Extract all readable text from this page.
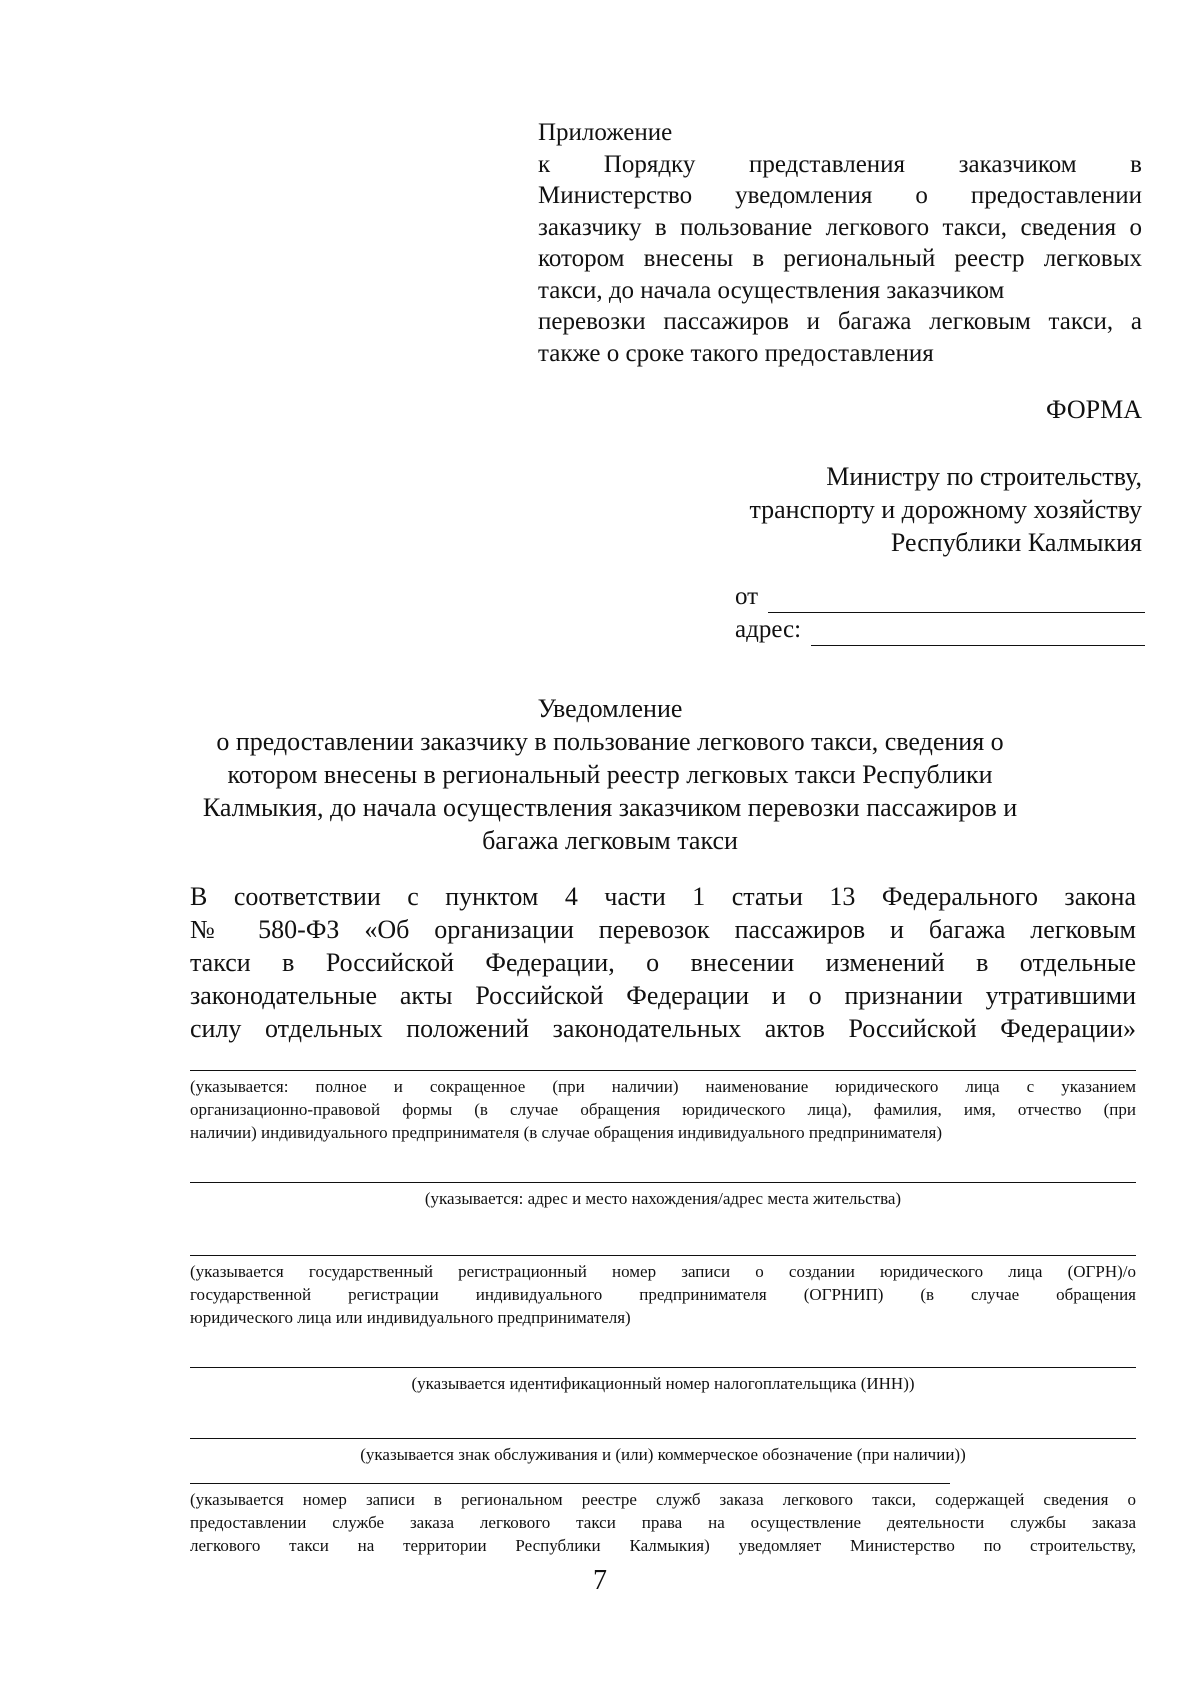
Приложение
к Порядку представления заказчиком в
Министерство уведомления о предоставлении
заказчику в пользование легкового такси, сведения о
котором внесены в региональный реестр легковых
такси, до начала осуществления заказчиком
перевозки пассажиров и багажа легковым такси, а
также о сроке такого предоставления
ФОРМА
Министру по строительству,
транспорту и дорожному хозяйству
Республики Калмыкия
от
адрес:
Уведомление
о предоставлении заказчику в пользование легкового такси, сведения о
котором внесены в региональный реестр легковых такси Республики
Калмыкия, до начала осуществления заказчиком перевозки пассажиров и
багажа легковым такси
В соответствии с пунктом 4 части 1 статьи 13 Федерального закона
№ 580-ФЗ «Об организации перевозок пассажиров и багажа легковым
такси в Российской Федерации, о внесении изменений в отдельные
законодательные акты Российской Федерации и о признании утратившими
силу отдельных положений законодательных актов Российской Федерации»
(указывается: полное и сокращенное (при наличии) наименование юридического лица с указанием
организационно-правовой формы (в случае обращения юридического лица), фамилия, имя, отчество (при
наличии) индивидуального предпринимателя (в случае обращения индивидуального предпринимателя)
(указывается: адрес и место нахождения/адрес места жительства)
(указывается государственный регистрационный номер записи о создании юридического лица (ОГРН)/о
государственной регистрации индивидуального предпринимателя (ОГРНИП) (в случае обращения
юридического лица или индивидуального предпринимателя)
(указывается идентификационный номер налогоплательщика (ИНН))
(указывается знак обслуживания и (или) коммерческое обозначение (при наличии))
(указывается номер записи в региональном реестре служб заказа легкового такси, содержащей сведения о
предоставлении службе заказа легкового такси права на осуществление деятельности службы заказа
легкового такси на территории Республики Калмыкия) уведомляет Министерство по строительству,
7
